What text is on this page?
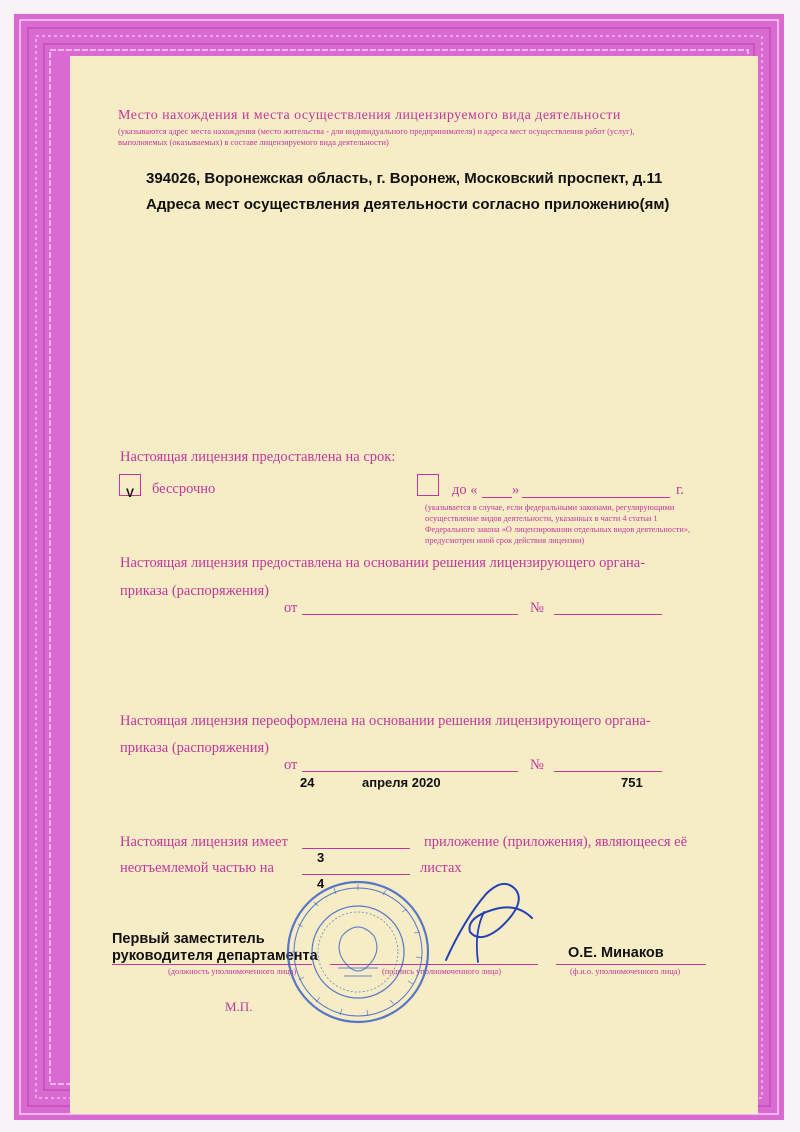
Место нахождения и места осуществления лицензируемого вида деятельности
(указываются адрес места нахождения (место жительства - для индивидуального предпринимателя) и адреса мест осуществления работ (услуг),
выполняемых (оказываемых) в составе лицензируемого вида деятельности)
394026, Воронежская область, г. Воронеж, Московский проспект, д.11
Адреса мест осуществления деятельности согласно приложению(ям)
Настоящая лицензия предоставлена на срок:
V бессрочно	до « »	г.
(указывается в случае, если федеральными законами, регулирующими
осуществление видов деятельности, указанных в части 4 статьи 1
Федерального закона «О лицензировании отдельных видов деятельности»,
предусмотрен иной срок действия лицензии)
Настоящая лицензия предоставлена на основании решения лицензирующего органа-
приказа (распоряжения)
от	№
Настоящая лицензия переоформлена на основании решения лицензирующего органа-
приказа (распоряжения)
от	№
24	апреля 2020	751
Настоящая лицензия имеет	приложение (приложения), являющееся её
неотъемлемой частью на	листах
3
4
Первый заместитель
руководителя департамента
(должность уполномоченного лица)	(подпись уполномоченного лица)
О.Е. Минаков
(ф.и.о. уполномоченного лица)
М.П.
